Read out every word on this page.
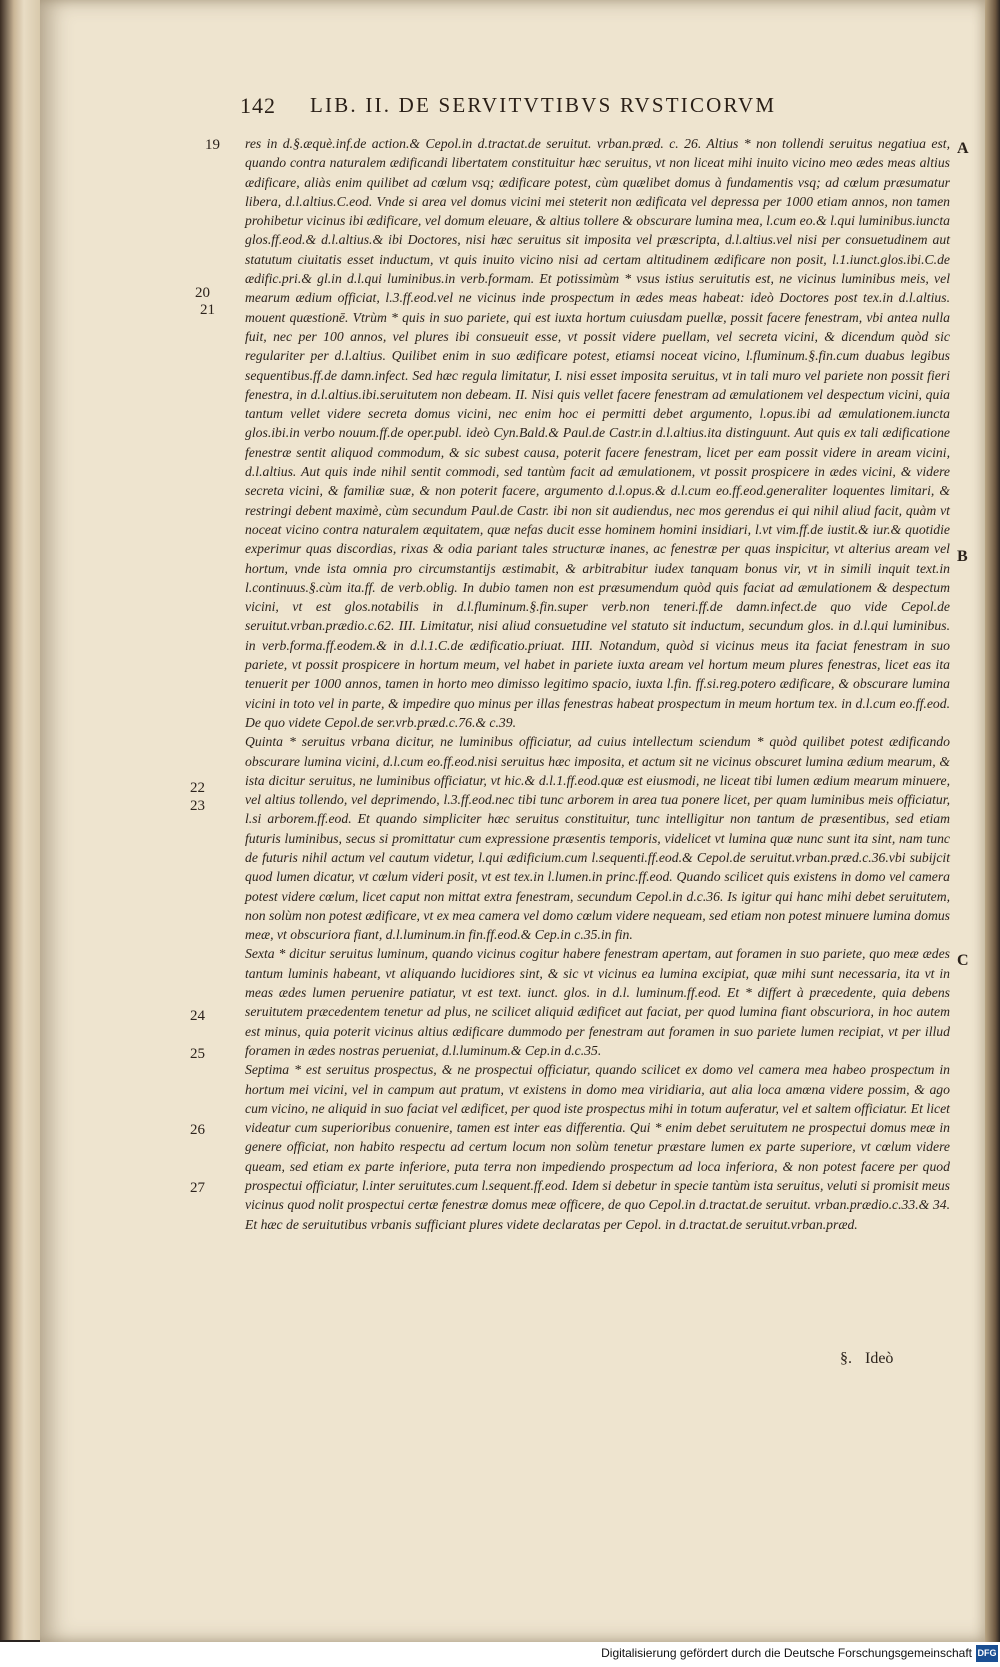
142 LIB. II. DE SERVITVTIBVS RVSTICORVM
19
20
21
22
23
24
25
26
27
A
B
C

res in d.§.æquè.inf.de action.& Cepol.in d.tractat.de seruitut. vrban.præd. c. 26. Altius * non tollendi seruitus negatiua est, quando contra naturalem ædificandi libertatem constituitur hæc seruitus, vt non liceat mihi inuito vicino meo ædes meas altius ædificare, aliàs enim quilibet ad cœlum vsq; ædificare potest, cùm quælibet domus à fundamentis vsq; ad cœlum præsumatur libera, d.l.altius.C.eod. Vnde si area vel domus vicini mei steterit non ædificata vel depressa per 1000 etiam annos, non tamen prohibetur vicinus ibi ædificare, vel domum eleuare, & altius tollere & obscurare lumina mea, l.cum eo.& l.qui luminibus.iuncta glos.ff.eod.& d.l.altius.& ibi Doctores, nisi hæc seruitus sit imposita vel præscripta, d.l.altius.vel nisi per consuetudinem aut statutum ciuitatis esset inductum, vt quis inuito vicino nisi ad certam altitudinem ædificare non posit, l.1.iunct.glos.ibi.C.de ædific.pri.& gl.in d.l.qui luminibus.in verb.formam. Et potissimùm * vsus istius seruitutis est, ne vicinus luminibus meis, vel mearum ædium officiat, l.3.ff.eod.vel ne vicinus inde prospectum in ædes meas habeat: ideò Doctores post tex.in d.l.altius. mouent quæstionē. Vtrùm * quis in suo pariete, qui est iuxta hortum cuiusdam puellæ, possit facere fenestram, vbi antea nulla fuit, nec per 100 annos, vel plures ibi consueuit esse, vt possit videre puellam, vel secreta vicini, & dicendum quòd sic regulariter per d.l.altius. Quilibet enim in suo ædificare potest, etiamsi noceat vicino, l.fluminum.§.fin.cum duabus legibus sequentibus.ff.de damn.infect. Sed hæc regula limitatur, I. nisi esset imposita seruitus, vt in tali muro vel pariete non possit fieri fenestra, in d.l.altius.ibi.seruitutem non debeam. II. Nisi quis vellet facere fenestram ad æmulationem vel despectum vicini, quia tantum vellet videre secreta domus vicini, nec enim hoc ei permitti debet argumento, l.opus.ibi ad æmulationem.iuncta glos.ibi.in verbo nouum.ff.de oper.publ. ideò Cyn.Bald.& Paul.de Castr.in d.l.altius.ita distinguunt. Aut quis ex tali ædificatione fenestræ sentit aliquod commodum, & sic subest causa, poterit facere fenestram, licet per eam possit videre in aream vicini, d.l.altius. Aut quis inde nihil sentit commodi, sed tantùm facit ad æmulationem, vt possit prospicere in ædes vicini, & videre secreta vicini, & familiæ suæ, & non poterit facere, argumento d.l.opus.& d.l.cum eo.ff.eod.generaliter loquentes limitari, & restringi debent maximè, cùm secundum Paul.de Castr. ibi non sit audiendus, nec mos gerendus ei qui nihil aliud facit, quàm vt noceat vicino contra naturalem æquitatem, quæ nefas ducit esse hominem homini insidiari, l.vt vim.ff.de iustit.& iur.& quotidie experimur quas discordias, rixas & odia pariant tales structuræ inanes, ac fenestræ per quas inspicitur, vt alterius aream vel hortum, vnde ista omnia pro circumstantijs æstimabit, & arbitrabitur iudex tanquam bonus vir, vt in simili inquit text.in l.continuus.§.cùm ita.ff. de verb.oblig. In dubio tamen non est præsumendum quòd quis faciat ad æmulationem & despectum vicini, vt est glos.notabilis in d.l.fluminum.§.fin.super verb.non teneri.ff.de damn.infect.de quo vide Cepol.de seruitut.vrban.prædio.c.62. III. Limitatur, nisi aliud consuetudine vel statuto sit inductum, secundum glos. in d.l.qui luminibus. in verb.forma.ff.eodem.& in d.l.1.C.de ædificatio.priuat. IIII. Notandum, quòd si vicinus meus ita faciat fenestram in suo pariete, vt possit prospicere in hortum meum, vel habet in pariete iuxta aream vel hortum meum plures fenestras, licet eas ita tenuerit per 1000 annos, tamen in horto meo dimisso legitimo spacio, iuxta l.fin. ff.si.reg.potero ædificare, & obscurare lumina vicini in toto vel in parte, & impedire quo minus per illas fenestras habeat prospectum in meum hortum tex. in d.l.cum eo.ff.eod. De quo videte Cepol.de ser.vrb.præd.c.76.& c.39.

Quinta * seruitus vrbana dicitur, ne luminibus officiatur, ad cuius intellectum sciendum * quòd quilibet potest ædificando obscurare lumina vicini, d.l.cum eo.ff.eod.nisi seruitus hæc imposita, et actum sit ne vicinus obscuret lumina ædium mearum, & ista dicitur seruitus, ne luminibus officiatur, vt hic.& d.l.1.ff.eod.quæ est eiusmodi, ne liceat tibi lumen ædium mearum minuere, vel altius tollendo, vel deprimendo, l.3.ff.eod.nec tibi tunc arborem in area tua ponere licet, per quam luminibus meis officiatur, l.si arborem.ff.eod. Et quando simpliciter hæc seruitus constituitur, tunc intelligitur non tantum de præsentibus, sed etiam futuris luminibus, secus si promittatur cum expressione præsentis temporis, videlicet vt lumina quæ nunc sunt ita sint, nam tunc de futuris nihil actum vel cautum videtur, l.qui ædificium.cum l.sequenti.ff.eod.& Cepol.de seruitut.vrban.præd.c.36.vbi subijcit quod lumen dicatur, vt cœlum videri posit, vt est tex.in l.lumen.in princ.ff.eod. Quando scilicet quis existens in domo vel camera potest videre cœlum, licet caput non mittat extra fenestram, secundum Cepol.in d.c.36. Is igitur qui hanc mihi debet seruitutem, non solùm non potest ædificare, vt ex mea camera vel domo cœlum videre nequeam, sed etiam non potest minuere lumina domus meæ, vt obscuriora fiant, d.l.luminum.in fin.ff.eod.& Cep.in c.35.in fin.

Sexta * dicitur seruitus luminum, quando vicinus cogitur habere fenestram apertam, aut foramen in suo pariete, quo meæ ædes tantum luminis habeant, vt aliquando lucidiores sint, & sic vt vicinus ea lumina excipiat, quæ mihi sunt necessaria, ita vt in meas ædes lumen peruenire patiatur, vt est text. iunct. glos. in d.l. luminum.ff.eod. Et * differt à præcedente, quia debens seruitutem præcedentem tenetur ad plus, ne scilicet aliquid ædificet aut faciat, per quod lumina fiant obscuriora, in hoc autem est minus, quia poterit vicinus altius ædificare dummodo per fenestram aut foramen in suo pariete lumen recipiat, vt per illud foramen in ædes nostras perueniat, d.l.luminum.& Cep.in d.c.35.

Septima * est seruitus prospectus, & ne prospectui officiatur, quando scilicet ex domo vel camera mea habeo prospectum in hortum mei vicini, vel in campum aut pratum, vt existens in domo mea viridiaria, aut alia loca amœna videre possim, & ago cum vicino, ne aliquid in suo faciat vel ædificet, per quod iste prospectus mihi in totum auferatur, vel et saltem officiatur. Et licet videatur cum superioribus conuenire, tamen est inter eas differentia. Qui * enim debet seruitutem ne prospectui domus meæ in genere officiat, non habito respectu ad certum locum non solùm tenetur præstare lumen ex parte superiore, vt cœlum videre queam, sed etiam ex parte inferiore, puta terra non impediendo prospectum ad loca inferiora, & non potest facere per quod prospectui officiatur, l.inter seruitutes.cum l.sequent.ff.eod. Idem si debetur in specie tantùm ista seruitus, veluti si promisit meus vicinus quod nolit prospectui certæ fenestræ domus meæ officere, de quo Cepol.in d.tractat.de seruitut. vrban.prædio.c.33.& 34. Et hæc de seruitutibus vrbanis sufficiant plures videte declaratas per Cepol. in d.tractat.de seruitut.vrban.præd.

§. Ideò
Digitalisierung gefördert durch die Deutsche Forschungsgemeinschaft DFG
